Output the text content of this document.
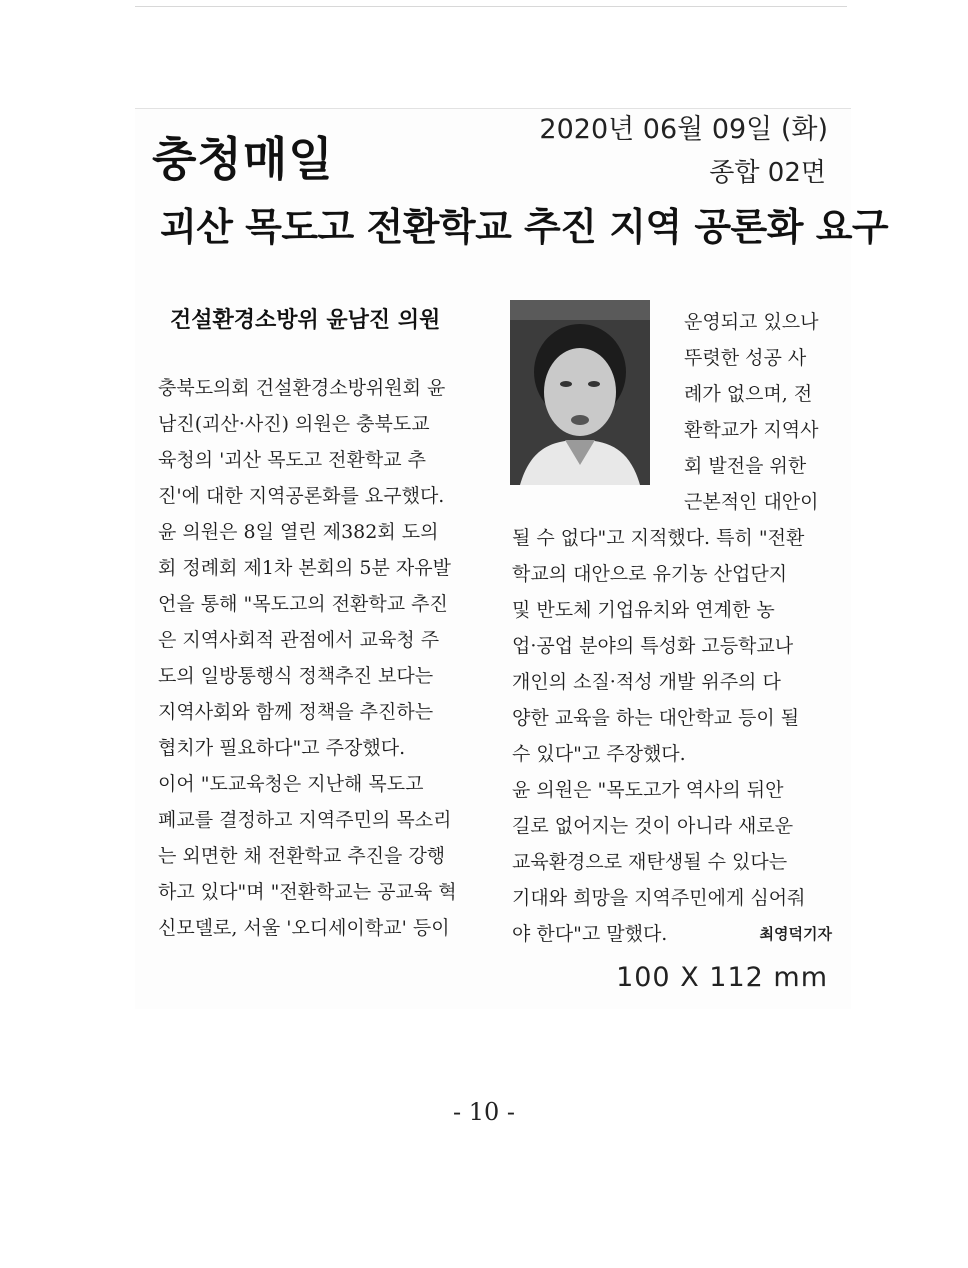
충청매일
2020년 06월 09일 (화)
종합 02면
괴산 목도고 전환학교 추진 지역 공론화 요구
건설환경소방위 윤남진 의원	운영되고 있으나
뚜렷한 성공 사
례가 없으며, 전
환학교가 지역사
회 발전을 위한
근본적인 대안이
충북도의회 건설환경소방위원회 윤
남진(괴산·사진) 의원은 충북도교
육청의 '괴산 목도고 전환학교 추
진'에 대한 지역공론화를 요구했다.
윤 의원은 8일 열린 제382회 도의
회 정례회 제1차 본회의 5분 자유발
언을 통해 "목도고의 전환학교 추진
은 지역사회적 관점에서 교육청 주
도의 일방통행식 정책추진 보다는
지역사회와 함께 정책을 추진하는
협치가 필요하다"고 주장했다.
이어 "도교육청은 지난해 목도고
폐교를 결정하고 지역주민의 목소리
는 외면한 채 전환학교 추진을 강행
하고 있다"며 "전환학교는 공교육 혁
신모델로, 서울 '오디세이학교' 등이
될 수 없다"고 지적했다. 특히 "전환
학교의 대안으로 유기농 산업단지
및 반도체 기업유치와 연계한 농
업·공업 분야의 특성화 고등학교나
개인의 소질·적성 개발 위주의 다
양한 교육을 하는 대안학교 등이 될
수 있다"고 주장했다.
윤 의원은 "목도고가 역사의 뒤안
길로 없어지는 것이 아니라 새로운
교육환경으로 재탄생될 수 있다는
기대와 희망을 지역주민에게 심어줘
야 한다"고 말했다.	최영덕기자
100 X 112 mm
- 10 -
